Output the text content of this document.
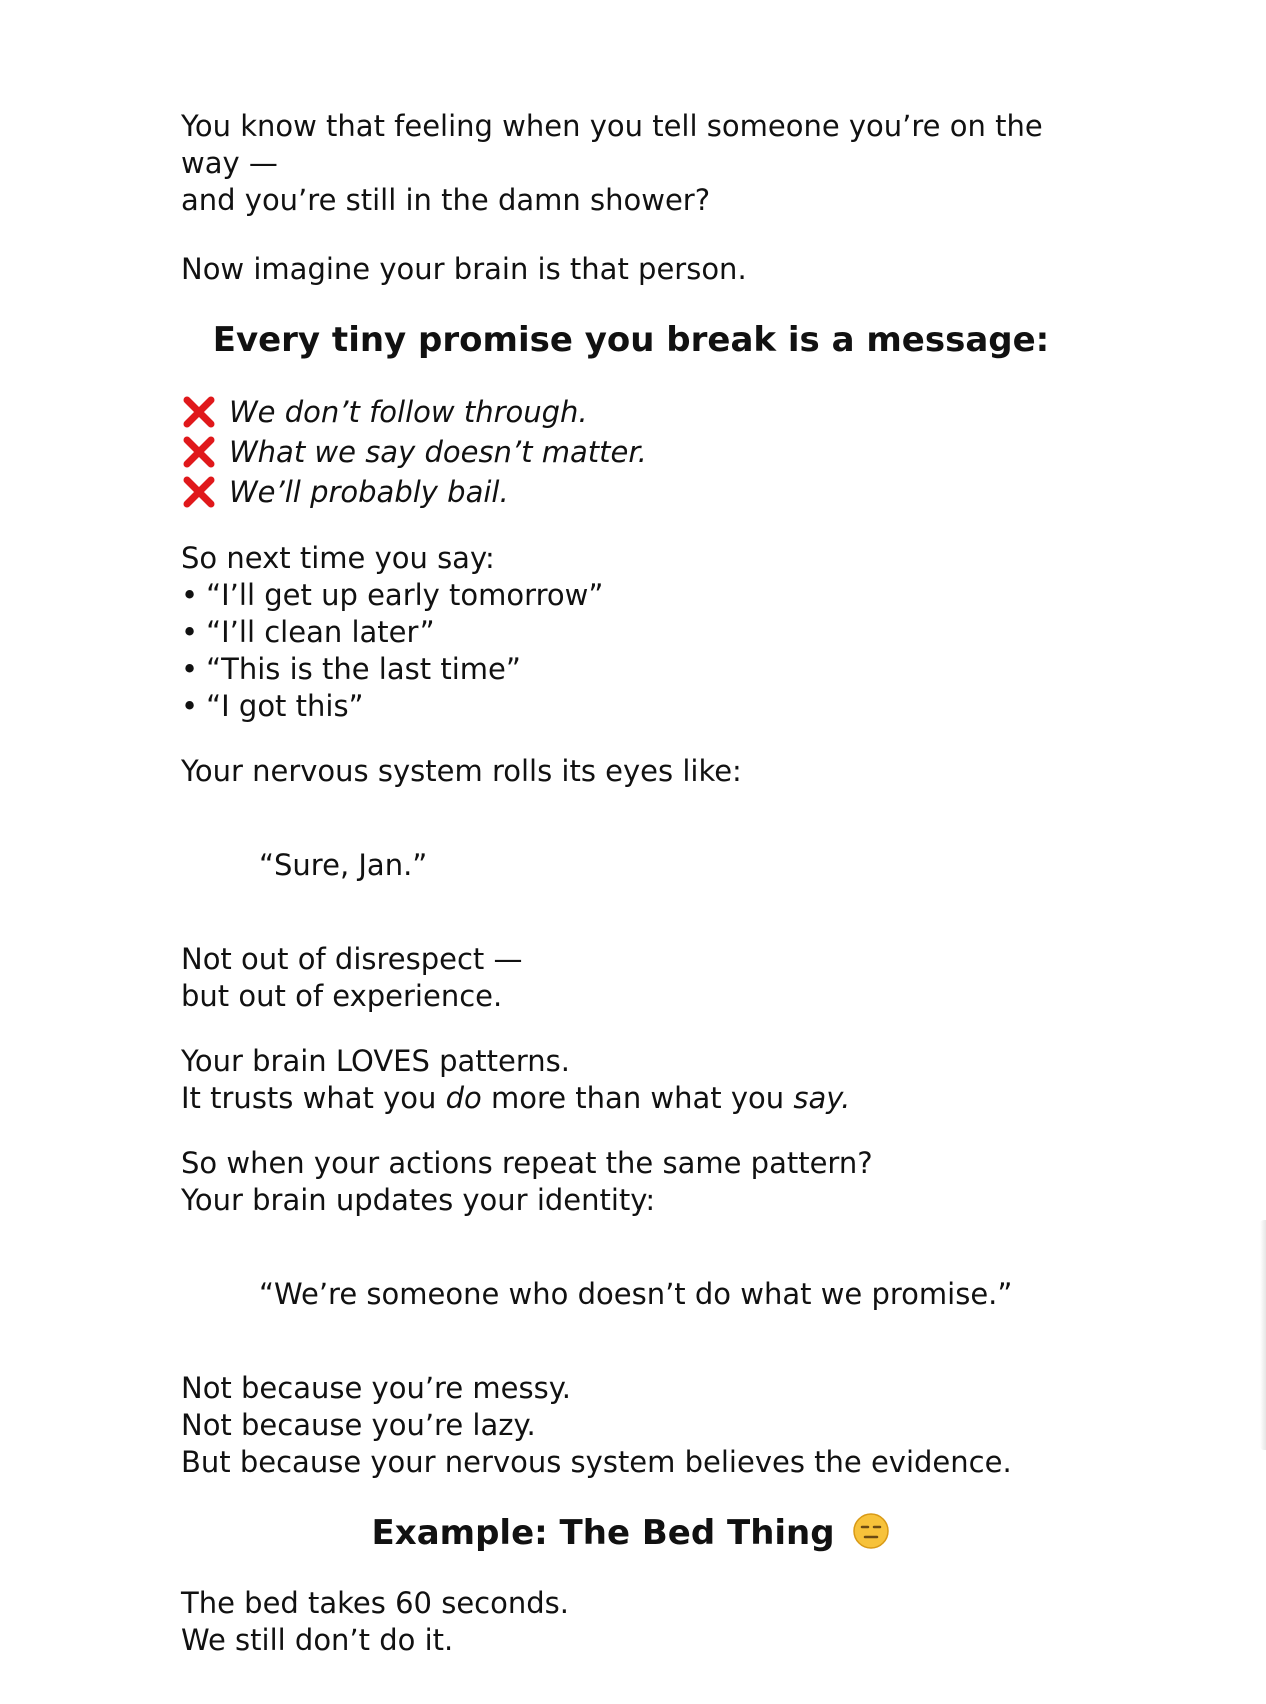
You know that feeling when you tell someone you’re on the

way —

and you’re still in the damn shower?

Now imagine your brain is that person.

Every tiny promise you break is a message:
We don’t follow through.
What we say doesn’t matter.
We’ll probably bail.

So next time you say:

• “I’ll get up early tomorrow”
• “I’ll clean later”
• “This is the last time”
• “I got this”

Your nervous system rolls its eyes like:

“Sure, Jan.”

Not out of disrespect —

but out of experience.

Your brain LOVES patterns.

It trusts what you do more than what you say.

So when your actions repeat the same pattern?

Your brain updates your identity:

“We’re someone who doesn’t do what we promise.”

Not because you’re messy.

Not because you’re lazy.

But because your nervous system believes the evidence.

Example: The Bed Thing

The bed takes 60 seconds.

We still don’t do it.
